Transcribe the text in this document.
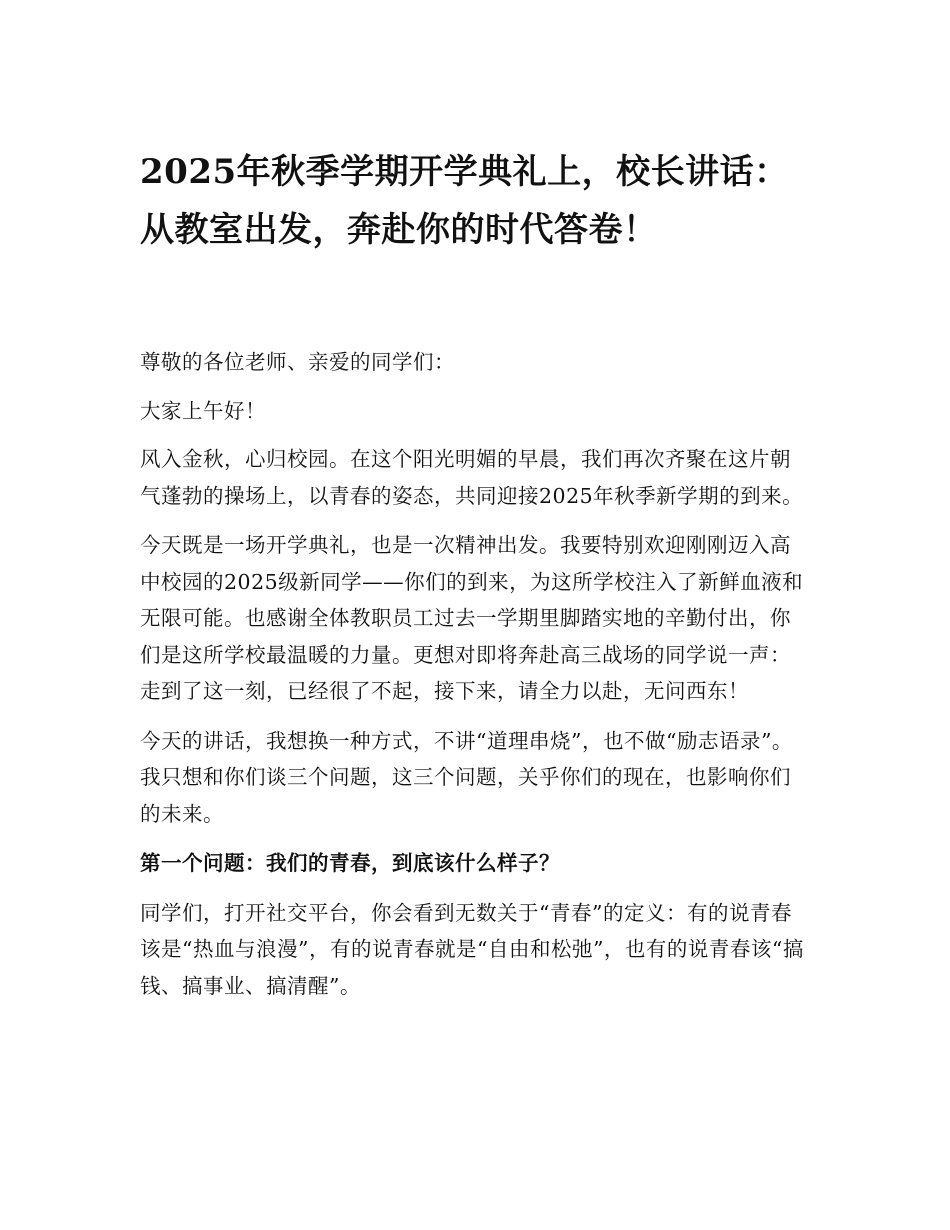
2025年秋季学期开学典礼上，校长讲话：从教室出发，奔赴你的时代答卷！

尊敬的各位老师、亲爱的同学们：

大家上午好！

风入金秋，心归校园。在这个阳光明媚的早晨，我们再次齐聚在这片朝气蓬勃的操场上，以青春的姿态，共同迎接2025年秋季新学期的到来。

今天既是一场开学典礼，也是一次精神出发。我要特别欢迎刚刚迈入高中校园的2025级新同学——你们的到来，为这所学校注入了新鲜血液和无限可能。也感谢全体教职员工过去一学期里脚踏实地的辛勤付出，你们是这所学校最温暖的力量。更想对即将奔赴高三战场的同学说一声：走到了这一刻，已经很了不起，接下来，请全力以赴，无问西东！

今天的讲话，我想换一种方式，不讲“道理串烧”，也不做“励志语录”。我只想和你们谈三个问题，这三个问题，关乎你们的现在，也影响你们的未来。

第一个问题：我们的青春，到底该什么样子？

同学们，打开社交平台，你会看到无数关于“青春”的定义：有的说青春该是“热血与浪漫”，有的说青春就是“自由和松弛”，也有的说青春该“搞钱、搞事业、搞清醒”。
